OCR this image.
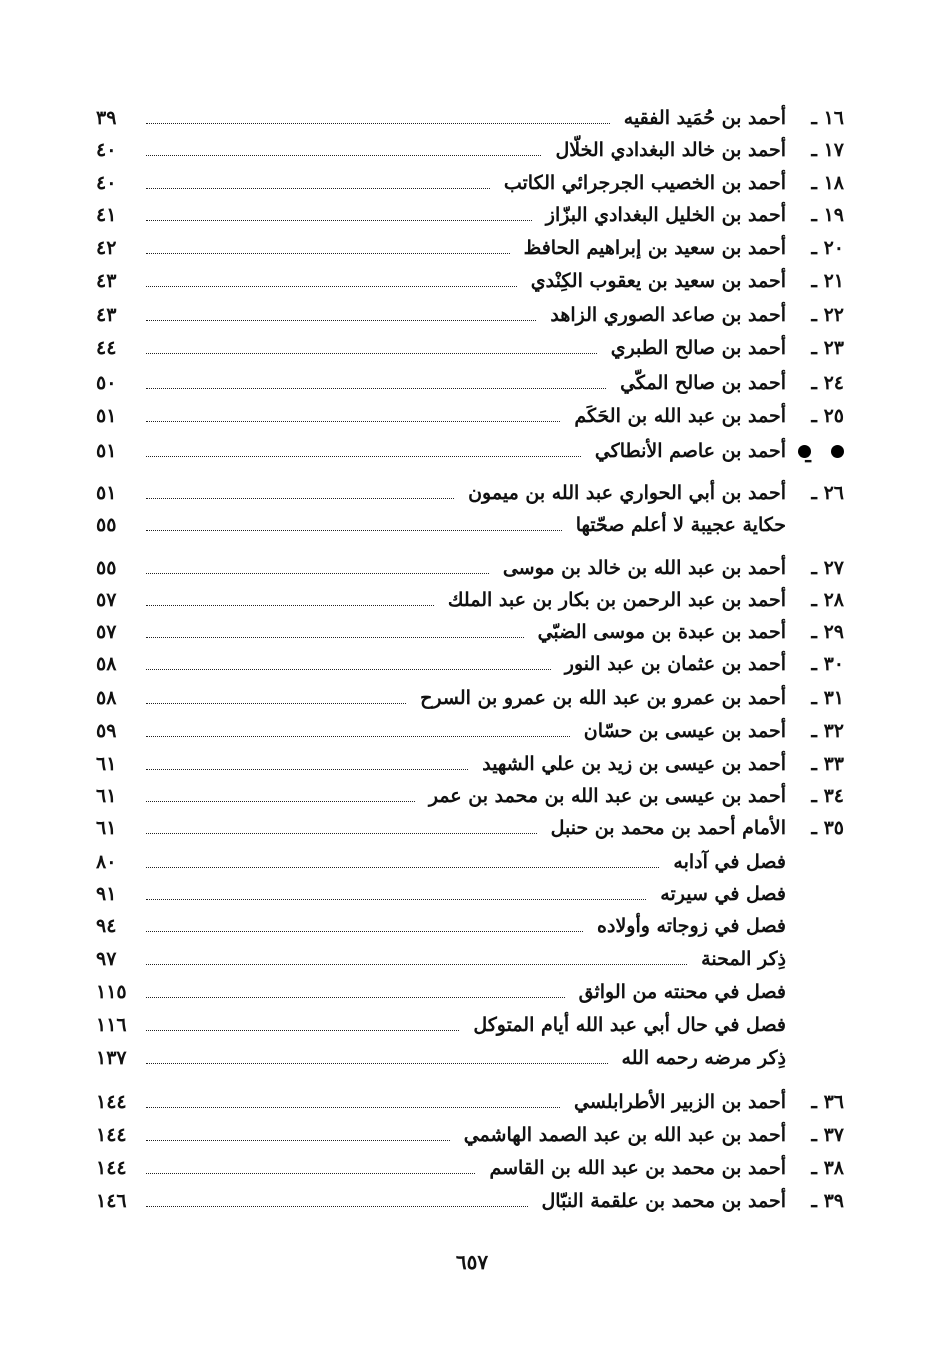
١٦ ـ
أحمد بن حُمَيد الفقيه
٣٩
١٧ ـ
أحمد بن خالد البغدادي الخلّال
٤٠
١٨ ـ
أحمد بن الخصيب الجرجرائي الكاتب
٤٠
١٩ ـ
أحمد بن الخليل البغدادي البزّاز
٤١
٢٠ ـ
أحمد بن سعيد بن إبراهيم الحافظ
٤٢
٢١ ـ
أحمد بن سعيد بن يعقوب الكِنْدي
٤٣
٢٢ ـ
أحمد بن صاعد الصوري الزاهد
٤٣
٢٣ ـ
أحمد بن صالح الطبري
٤٤
٢٤ ـ
أحمد بن صالح المكّي
٥٠
٢٥ ـ
أحمد بن عبد الله بن الحَكَم
٥١
ـ
أحمد بن عاصم الأنطاكي
٥١
٢٦ ـ
أحمد بن أبي الحواري عبد الله بن ميمون
٥١
حكاية عجيبة لا أعلم صحّتها
٥٥
٢٧ ـ
أحمد بن عبد الله بن خالد بن موسى
٥٥
٢٨ ـ
أحمد بن عبد الرحمن بن بكار بن عبد الملك
٥٧
٢٩ ـ
أحمد بن عبدة بن موسى الضبّي
٥٧
٣٠ ـ
أحمد بن عثمان بن عبد النور
٥٨
٣١ ـ
أحمد بن عمرو بن عبد الله بن عمرو بن السرح
٥٨
٣٢ ـ
أحمد بن عيسى بن حسّان
٥٩
٣٣ ـ
أحمد بن عيسى بن زيد بن علي الشهيد
٦١
٣٤ ـ
أحمد بن عيسى بن عبد الله بن محمد بن عمر
٦١
٣٥ ـ
الأمام أحمد بن محمد بن حنبل
٦١
فصل في آدابه
٨٠
فصل في سيرته
٩١
فصل في زوجاته وأولاده
٩٤
ذِكر المحنة
٩٧
فصل في محنته من الواثق
١١٥
فصل في حال أبي عبد الله أيام المتوكل
١١٦
ذِكر مرضه رحمه الله
١٣٧
٣٦ ـ
أحمد بن الزبير الأطرابلسي
١٤٤
٣٧ ـ
أحمد بن عبد الله بن عبد الصمد الهاشمي
١٤٤
٣٨ ـ
أحمد بن محمد بن عبد الله بن القاسم
١٤٤
٣٩ ـ
أحمد بن محمد بن علقمة النبّال
١٤٦
٦٥٧
